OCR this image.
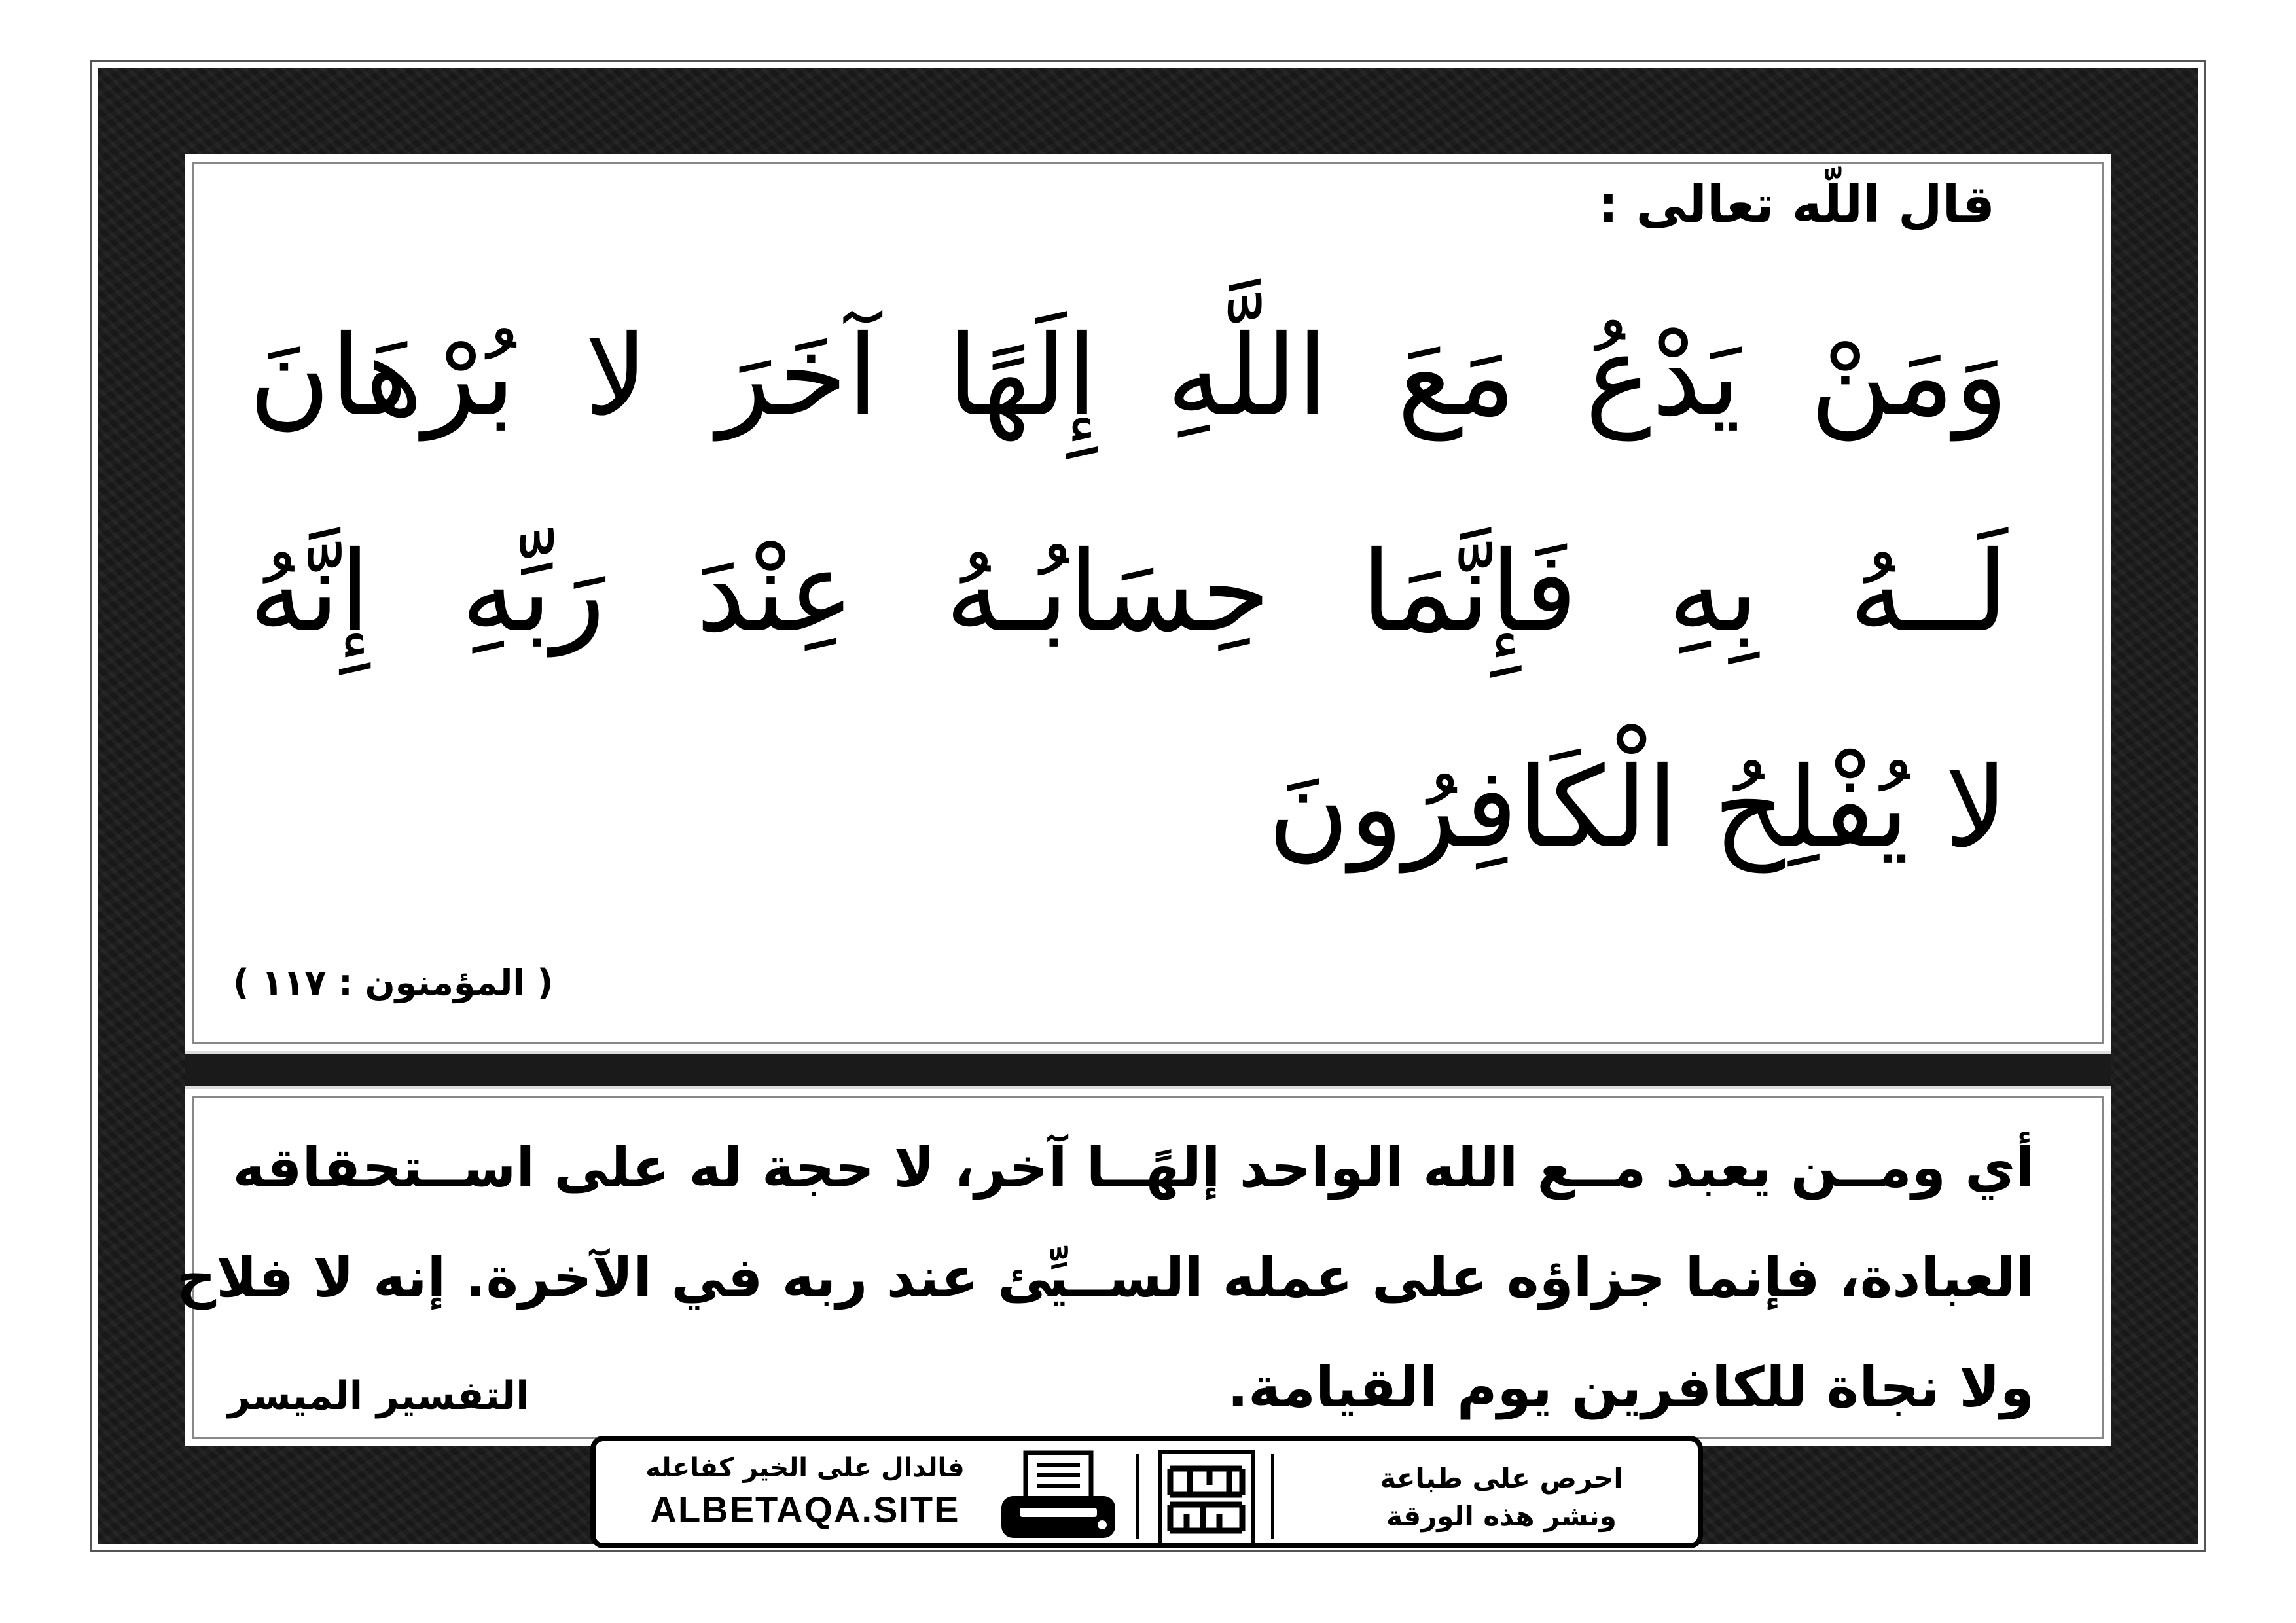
قال اللّه تعالى :

وَمَنْ يَدْعُ مَعَ اللَّهِ إِلَهًا آخَرَ لا بُرْهَانَ

لَــهُ بِهِ فَإِنَّمَا حِسَابُـهُ عِنْدَ رَبِّهِ إِنَّهُ

لا يُفْلِحُ الْكَافِرُونَ

( المؤمنون : ١١٧ )

أي ومــن يعبد مــع الله الواحد إلهًــا آخر، لا حجة له على اســتحقاقه

العبادة، فإنما جزاؤه على عمله الســيِّئ عند ربه في الآخرة. إنه لا فلاح

ولا نجاة للكافرين يوم القيامة.

التفسير الميسر
فالدال على الخير كفاعله
ALBETAQA.SITE
احرص على طباعة
ونشر هذه الورقة
